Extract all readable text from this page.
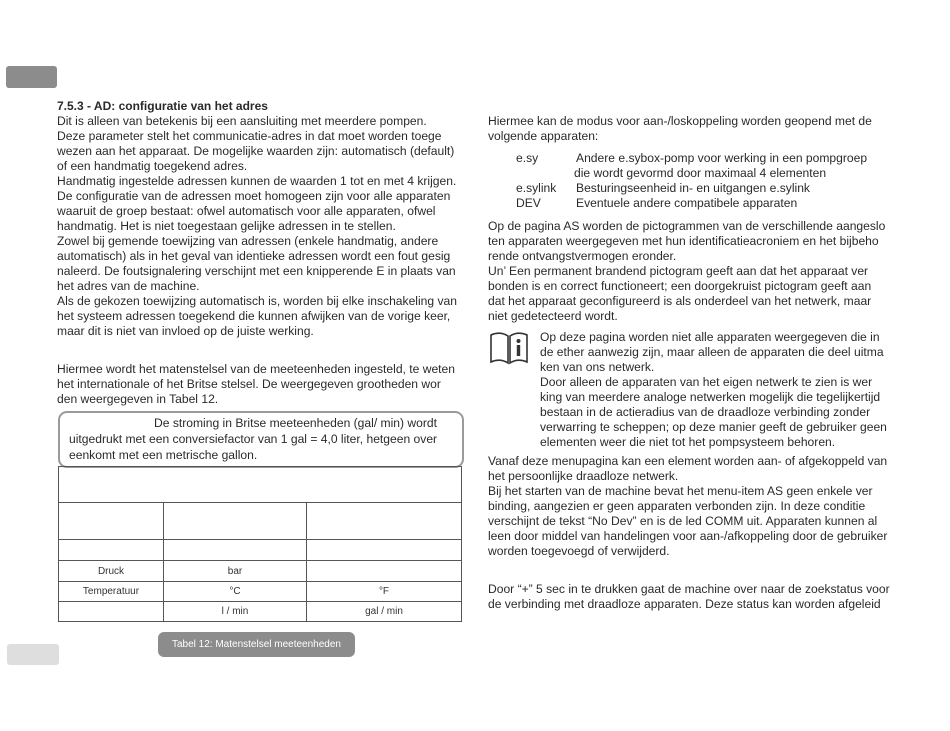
7.5.3 - AD: configuratie van het adres

Dit is alleen van betekenis bij een aansluiting met meerdere pompen.

Deze parameter stelt het communicatie-adres in dat moet worden toege

wezen aan het apparaat. De mogelijke waarden zijn: automatisch (default)

of een handmatig toegekend adres.

Handmatig ingestelde adressen kunnen de waarden 1 tot en met 4 krijgen.

De configuratie van de adressen moet homogeen zijn voor alle apparaten

waaruit de groep bestaat: ofwel automatisch voor alle apparaten, ofwel

handmatig. Het is niet toegestaan gelijke adressen in te stellen.

Zowel bij gemende toewijzing van adressen (enkele handmatig, andere

automatisch) als in het geval van identieke adressen wordt een fout gesig

naleerd. De foutsignalering verschijnt met een knipperende E in plaats van

het adres van de machine.

Als de gekozen toewijzing automatisch is, worden bij elke inschakeling van

het systeem adressen toegekend die kunnen afwijken van de vorige keer,

maar dit is niet van invloed op de juiste werking.

Hiermee wordt het matenstelsel van de meeteenheden ingesteld, te weten

het internationale of het Britse stelsel. De weergegeven grootheden wor

den weergegeven in Tabel 12.

De stroming in Britse meeteenheden (gal/ min) wordt
uitgedrukt met een conversiefactor van 1 gal = 4,0 liter, hetgeen over
eenkomt met een metrische gallon.

Druck	bar	
Temperatuur	°C	°F
	l / min	gal / min
Tabel 12: Matenstelsel meeteenheden

Hiermee kan de modus voor aan-/loskoppeling worden geopend met de

volgende apparaten:

e.sy	Andere e.sybox-pomp voor werking in een pompgroep
die wordt gevormd door maximaal 4 elementen
e.sylink	Besturingseenheid in- en uitgangen e.sylink
DEV	Eventuele andere compatibele apparaten

Op de pagina AS worden de pictogrammen van de verschillende aangeslo

ten apparaten weergegeven met hun identificatieacroniem en het bijbeho

rende ontvangstvermogen eronder.

Un’ Een permanent brandend pictogram geeft aan dat het apparaat ver

bonden is en correct functioneert; een doorgekruist pictogram geeft aan

dat het apparaat geconfigureerd is als onderdeel van het netwerk, maar

niet gedetecteerd wordt.

Op deze pagina worden niet alle apparaten weergegeven die in

de ether aanwezig zijn, maar alleen de apparaten die deel uitma

ken van ons netwerk.

Door alleen de apparaten van het eigen netwerk te zien is wer

king van meerdere analoge netwerken mogelijk die tegelijkertijd

bestaan in de actieradius van de draadloze verbinding zonder

verwarring te scheppen; op deze manier geeft de gebruiker geen

elementen weer die niet tot het pompsysteem behoren.

Vanaf deze menupagina kan een element worden aan- of afgekoppeld van

het persoonlijke draadloze netwerk.

Bij het starten van de machine bevat het menu-item AS geen enkele ver

binding, aangezien er geen apparaten verbonden zijn. In deze conditie

verschijnt de tekst “No Dev” en is de led COMM uit. Apparaten kunnen al

leen door middel van handelingen voor aan-/afkoppeling door de gebruiker

worden toegevoegd of verwijderd.

Door “+” 5 sec in te drukken gaat de machine over naar de zoekstatus voor

de verbinding met draadloze apparaten. Deze status kan worden afgeleid
